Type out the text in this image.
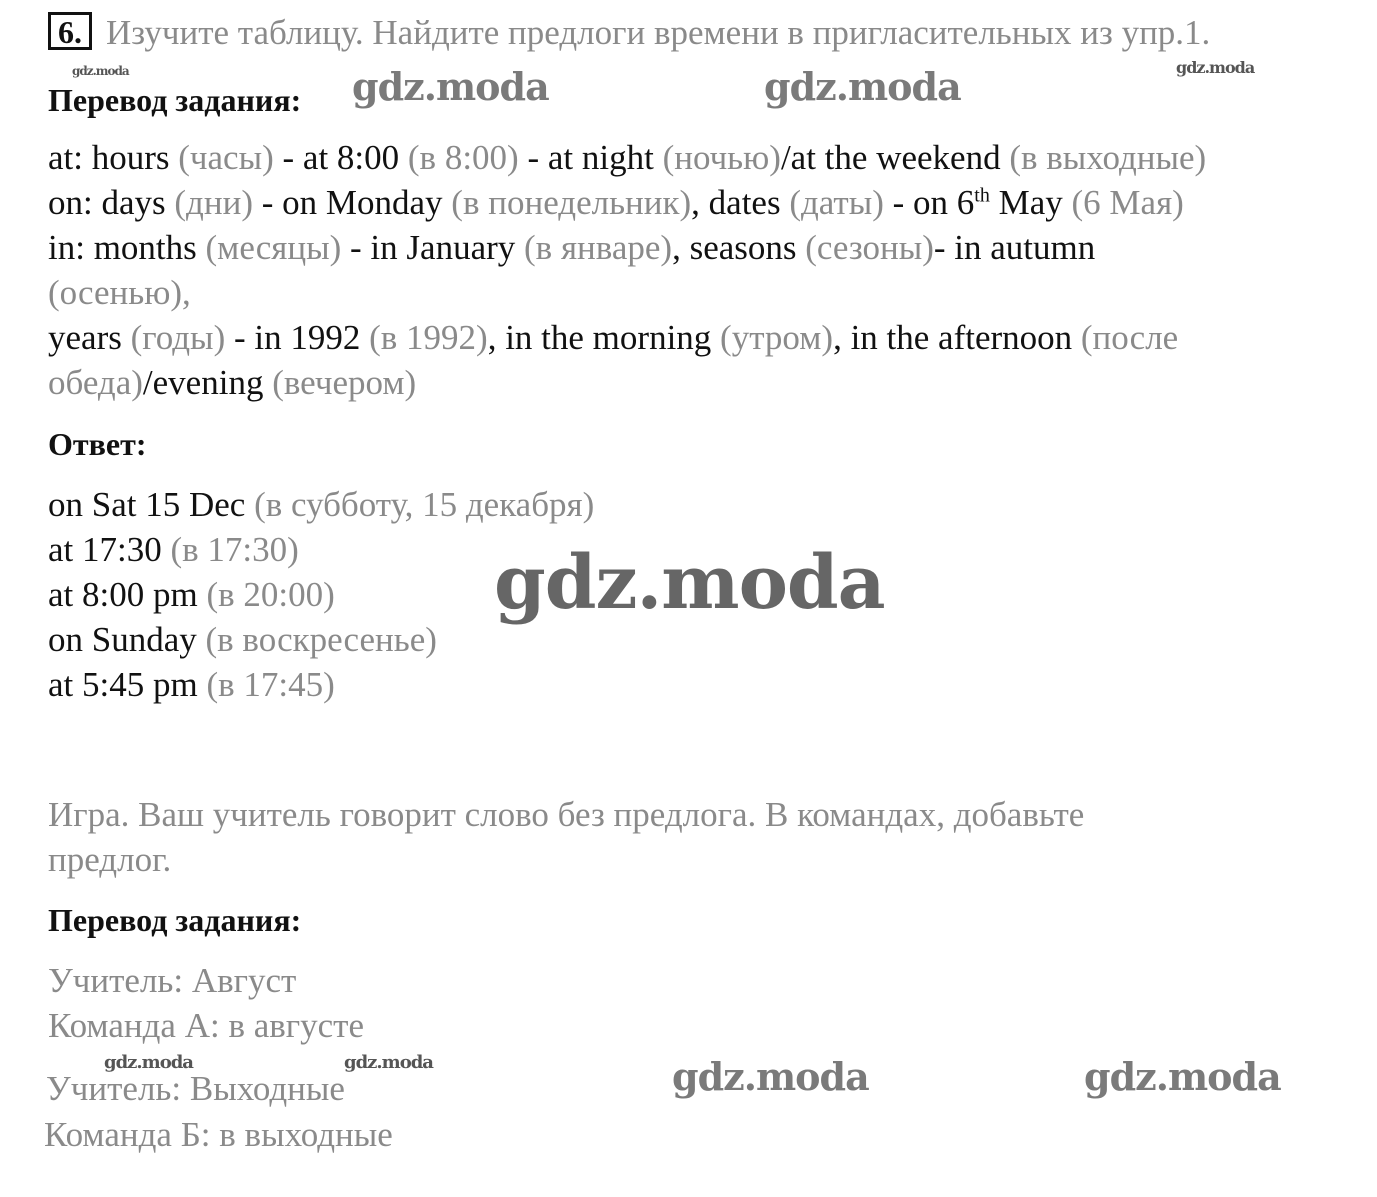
6. Изучите таблицу. Найдите предлоги времени в пригласительных из упр.1.
Перевод задания:
at: hours (часы) - at 8:00 (в 8:00) - at night (ночью)/at the weekend (в выходные)
on: days (дни) - on Monday (в понедельник), dates (даты) - on 6th May (6 Мая)
in: months (месяцы) - in January (в январе), seasons (сезоны)- in autumn
(осенью),
years (годы) - in 1992 (в 1992), in the morning (утром), in the afternoon (после
обеда)/evening (вечером)
Ответ:
on Sat 15 Dec (в субботу, 15 декабря)
at 17:30 (в 17:30)
at 8:00 pm (в 20:00)
on Sunday (в воскресенье)
at 5:45 pm (в 17:45)
Игра. Ваш учитель говорит слово без предлога. В командах, добавьте
предлог.
Перевод задания:
Учитель: Август
Команда А: в августе
Учитель: Выходные
Команда Б: в выходные
gdz.moda	gdz.moda	gdz.moda	gdz.moda
gdz.moda
gdz.moda	gdz.moda	gdz.moda	gdz.moda
